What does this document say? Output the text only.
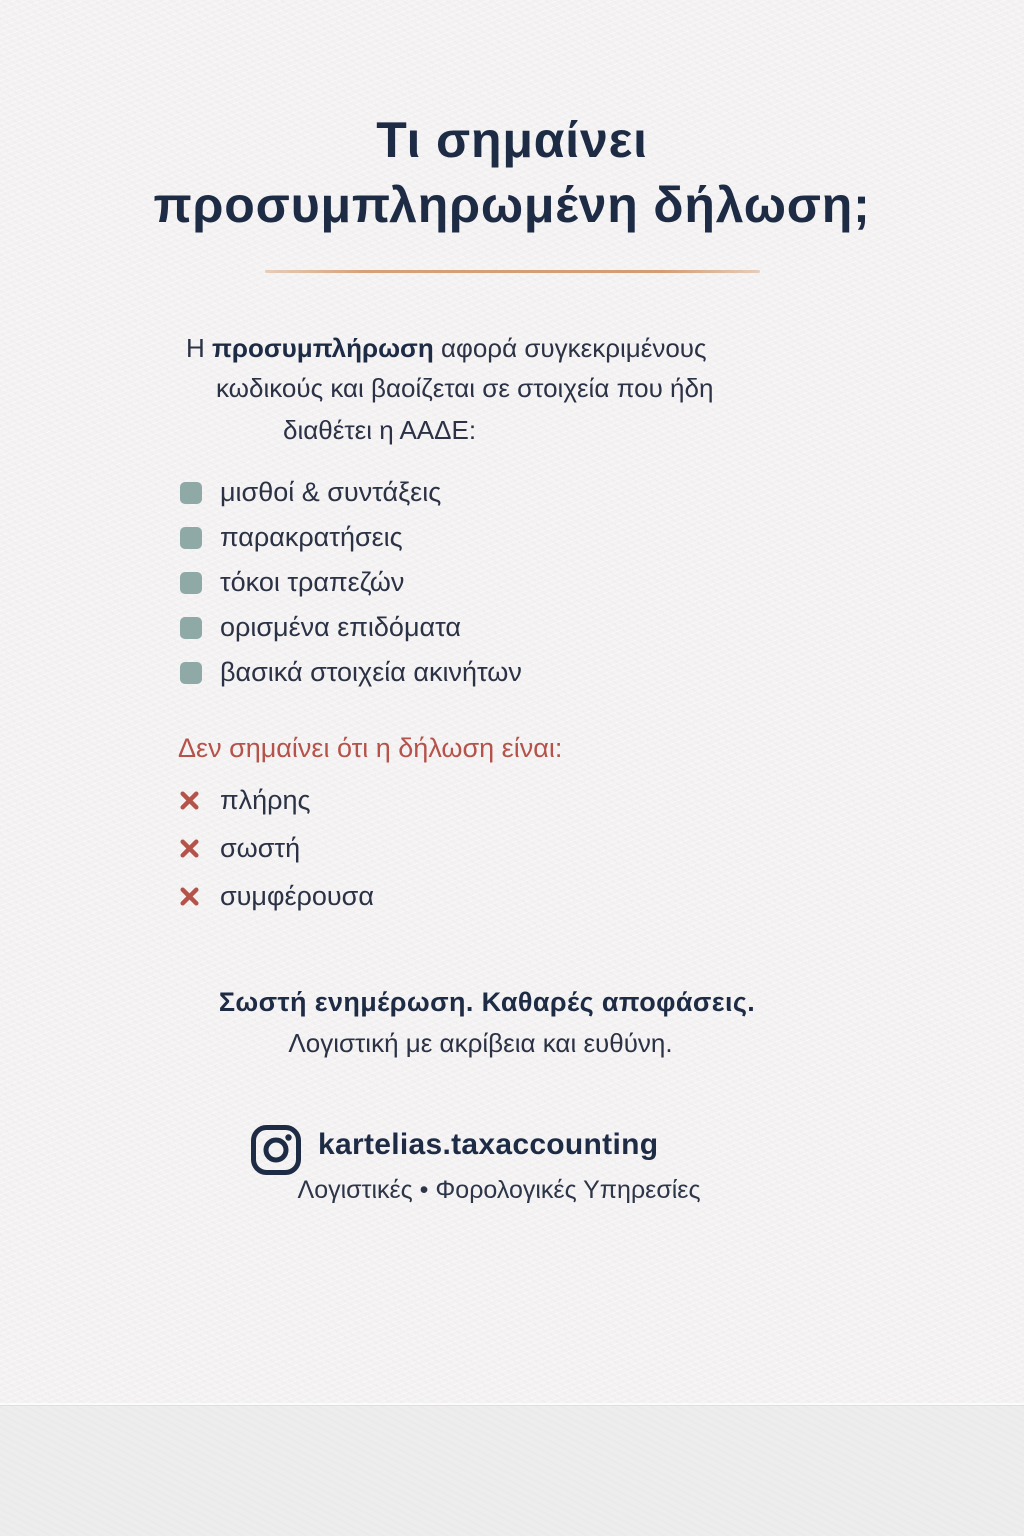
Τι σημαίνει
προσυμπληρωμένη δήλωση;
Η προσυμπλήρωση αφορά συγκεκριμένους
κωδικούς και βαοίζεται σε στοιχεία που ήδη
διαθέτει η ΑΑΔΕ:
μισθοί & συντάξεις
παρακρατήσεις
τόκοι τραπεζών
ορισμένα επιδόματα
βασικά στοιχεία ακινήτων
Δεν σημαίνει ότι η δήλωση είναι:
πλήρης
σωστή
συμφέρουσα
Σωστή ενημέρωση. Καθαρές αποφάσεις.
Λογιστική με ακρίβεια και ευθύνη.
kartelias.taxaccounting
Λογιστικές • Φορολογικές Υπηρεσίες
